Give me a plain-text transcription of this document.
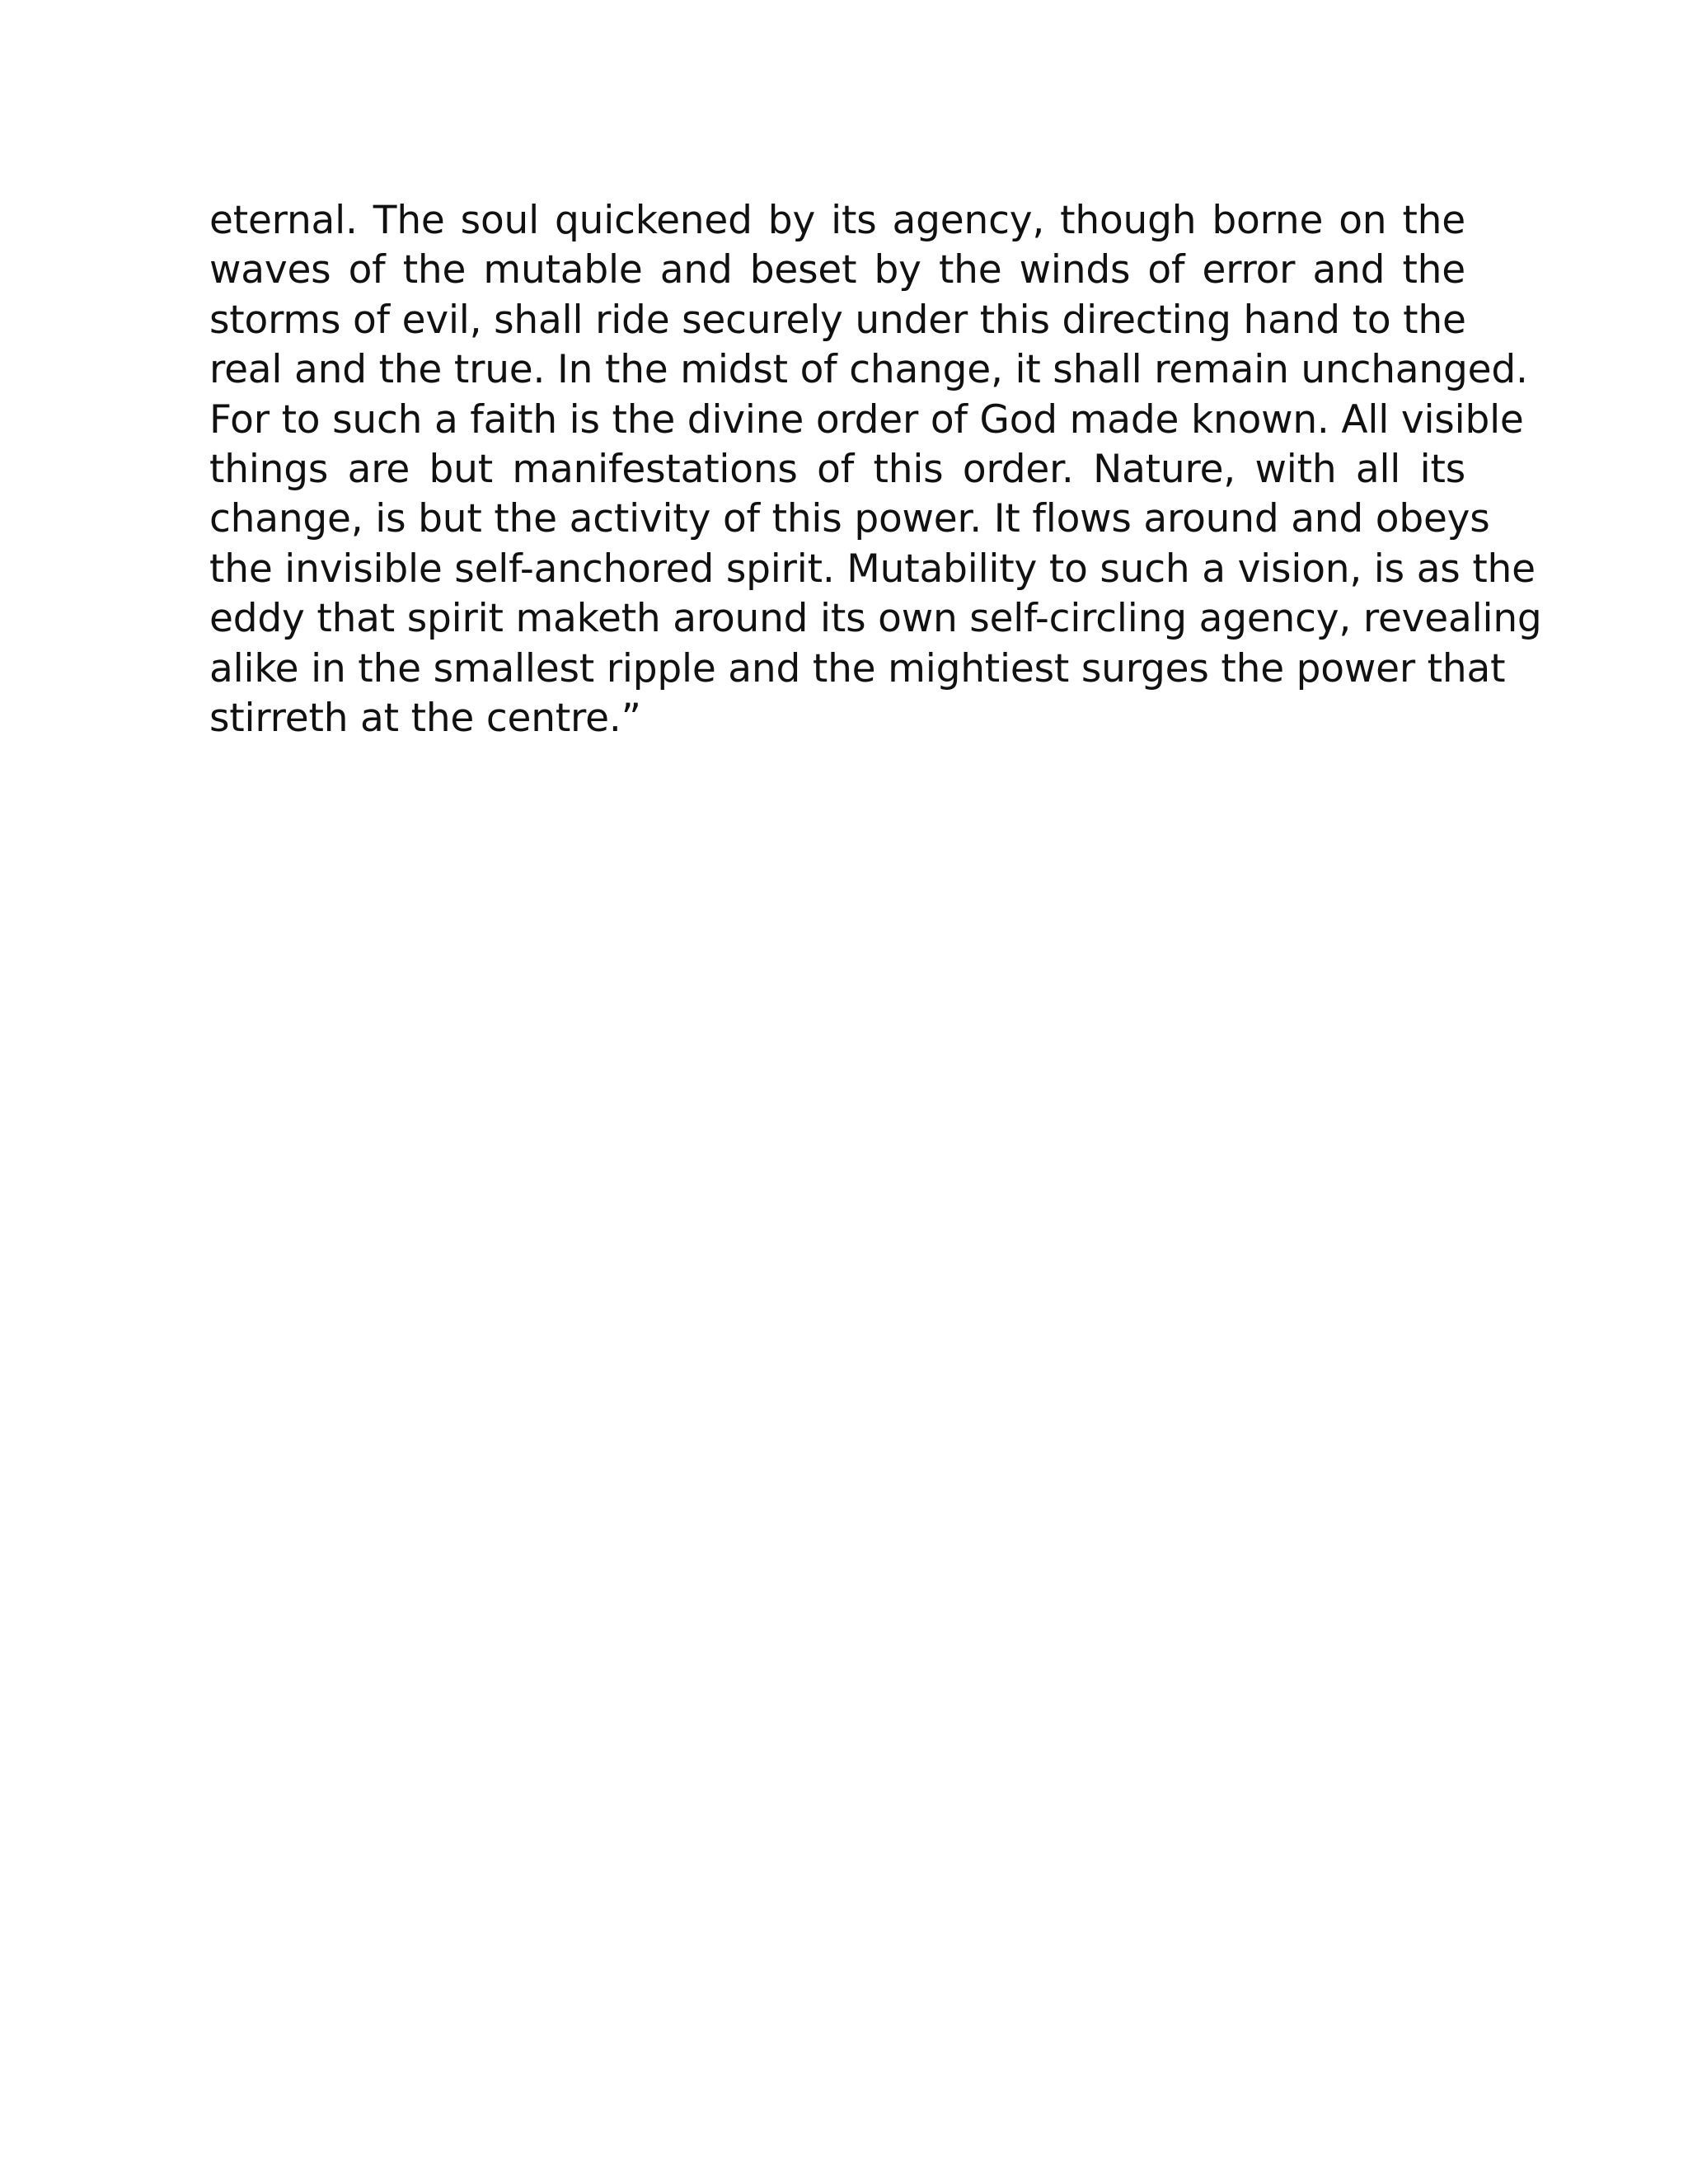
eternal. The soul quickened by its agency, though borne on the
waves of the mutable and beset by the winds of error and the
storms of evil, shall ride securely under this directing hand to the
real and the true. In the midst of change, it shall remain unchanged.
For to such a faith is the divine order of God made known. All visible
things are but manifestations of this order. Nature, with all its
change, is but the activity of this power. It flows around and obeys
the invisible self-anchored spirit. Mutability to such a vision, is as the
eddy that spirit maketh around its own self-circling agency, revealing
alike in the smallest ripple and the mightiest surges the power that
stirreth at the centre.”
